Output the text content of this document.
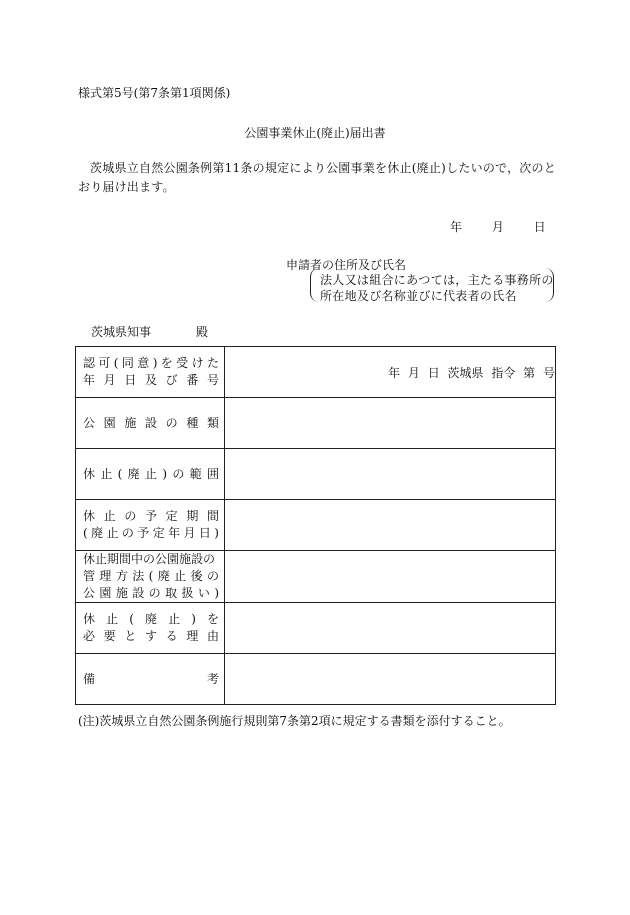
様式第5号(第7条第1項関係)
公園事業休止(廃止)届出書
茨城県立自然公園条例第11条の規定により公園事業を休止(廃止)したいので，次のとおり届け出ます。
年 月 日
申請者の住所及び氏名
法人又は組合にあつては，主たる事務所の
所在地及び名称並びに代表者の氏名
茨城県知事	殿
認可(同意)を受けた
年月日及び番号	年 月 日 茨城県 指令 第 号

公園施設の種類	

休止(廃止)の範囲	

休止の予定期間
(廃止の予定年月日)	

休止期間中の公園施設の
管理方法(廃止後の
公園施設の取扱い)	

休止(廃止)を
必要とする理由	

備考	

(注)茨城県立自然公園条例施行規則第7条第2項に規定する書類を添付すること。
